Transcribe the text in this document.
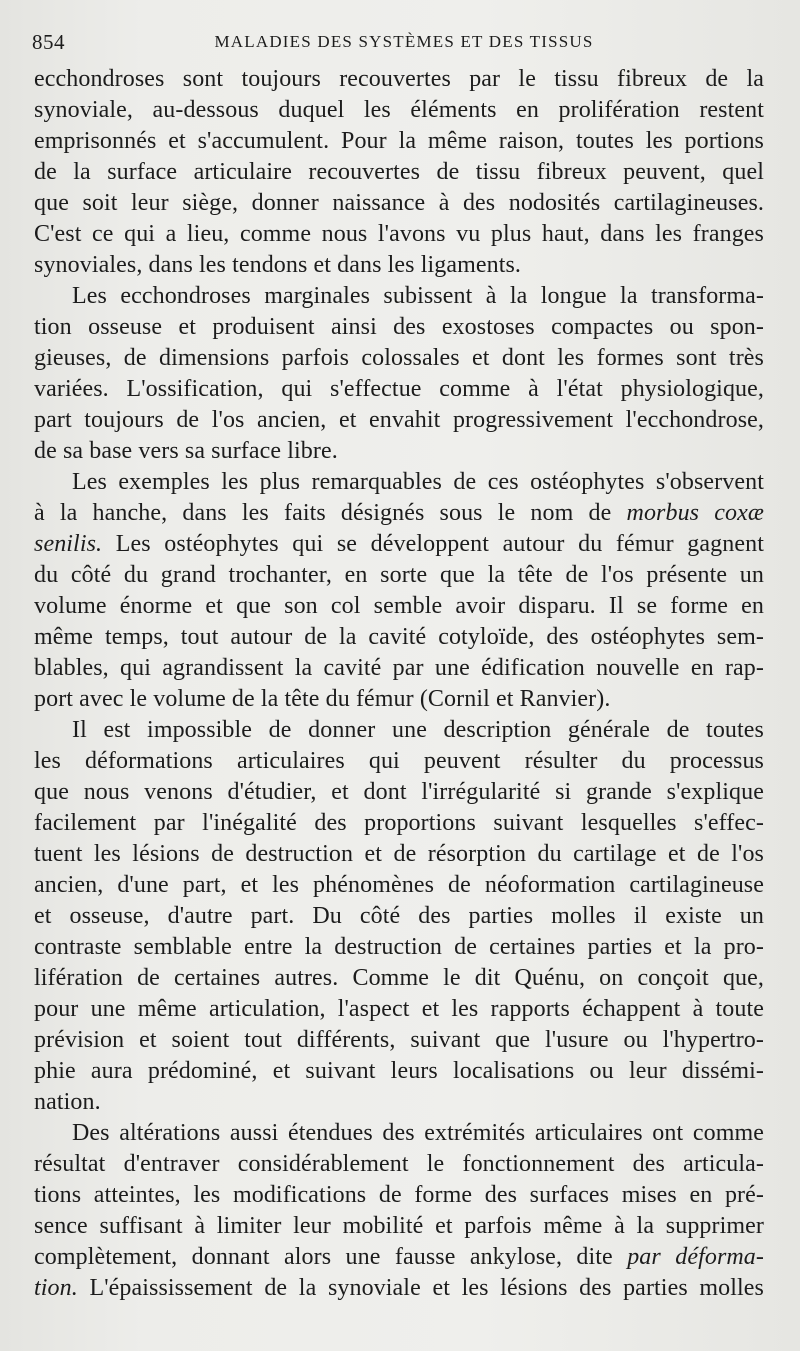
854	MALADIES DES SYSTÈMES ET DES TISSUS
ecchondroses sont toujours recouvertes par le tissu fibreux de la
synoviale, au-dessous duquel les éléments en prolifération restent
emprisonnés et s'accumulent. Pour la même raison, toutes les portions
de la surface articulaire recouvertes de tissu fibreux peuvent, quel
que soit leur siège, donner naissance à des nodosités cartilagineuses.
C'est ce qui a lieu, comme nous l'avons vu plus haut, dans les franges
synoviales, dans les tendons et dans les ligaments.
Les ecchondroses marginales subissent à la longue la transforma-
tion osseuse et produisent ainsi des exostoses compactes ou spon-
gieuses, de dimensions parfois colossales et dont les formes sont très
variées. L'ossification, qui s'effectue comme à l'état physiologique,
part toujours de l'os ancien, et envahit progressivement l'ecchondrose,
de sa base vers sa surface libre.
Les exemples les plus remarquables de ces ostéophytes s'observent
à la hanche, dans les faits désignés sous le nom de morbus coxæ
senilis. Les ostéophytes qui se développent autour du fémur gagnent
du côté du grand trochanter, en sorte que la tête de l'os présente un
volume énorme et que son col semble avoir disparu. Il se forme en
même temps, tout autour de la cavité cotyloïde, des ostéophytes sem-
blables, qui agrandissent la cavité par une édification nouvelle en rap-
port avec le volume de la tête du fémur (Cornil et Ranvier).
Il est impossible de donner une description générale de toutes
les déformations articulaires qui peuvent résulter du processus
que nous venons d'étudier, et dont l'irrégularité si grande s'explique
facilement par l'inégalité des proportions suivant lesquelles s'effec-
tuent les lésions de destruction et de résorption du cartilage et de l'os
ancien, d'une part, et les phénomènes de néoformation cartilagineuse
et osseuse, d'autre part. Du côté des parties molles il existe un
contraste semblable entre la destruction de certaines parties et la pro-
lifération de certaines autres. Comme le dit Quénu, on conçoit que,
pour une même articulation, l'aspect et les rapports échappent à toute
prévision et soient tout différents, suivant que l'usure ou l'hypertro-
phie aura prédominé, et suivant leurs localisations ou leur dissémi-
nation.
Des altérations aussi étendues des extrémités articulaires ont comme
résultat d'entraver considérablement le fonctionnement des articula-
tions atteintes, les modifications de forme des surfaces mises en pré-
sence suffisant à limiter leur mobilité et parfois même à la supprimer
complètement, donnant alors une fausse ankylose, dite par déforma-
tion. L'épaississement de la synoviale et les lésions des parties molles
